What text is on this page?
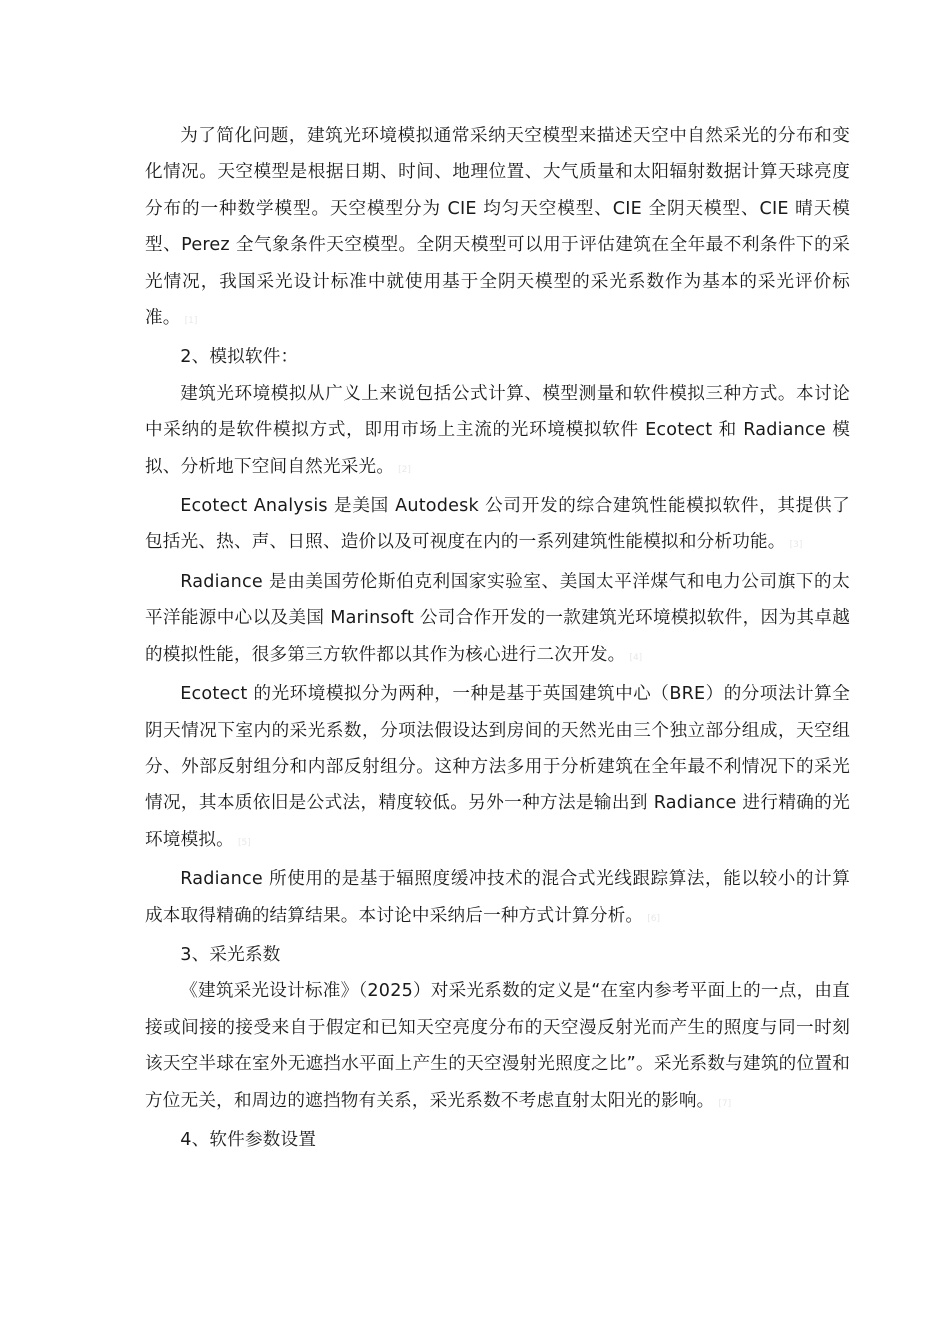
为了简化问题，建筑光环境模拟通常采纳天空模型来描述天空中自然采光的分布和变化情况。天空模型是根据日期、时间、地理位置、大气质量和太阳辐射数据计算天球亮度分布的一种数学模型。天空模型分为 CIE 均匀天空模型、CIE 全阴天模型、CIE 晴天模型、Perez 全气象条件天空模型。全阴天模型可以用于评估建筑在全年最不利条件下的采光情况，我国采光设计标准中就使用基于全阴天模型的采光系数作为基本的采光评价标准。 [1]

2、模拟软件：

建筑光环境模拟从广义上来说包括公式计算、模型测量和软件模拟三种方式。本讨论中采纳的是软件模拟方式，即用市场上主流的光环境模拟软件 Ecotect 和 Radiance 模拟、分析地下空间自然光采光。 [2]

Ecotect Analysis 是美国 Autodesk 公司开发的综合建筑性能模拟软件，其提供了包括光、热、声、日照、造价以及可视度在内的一系列建筑性能模拟和分析功能。 [3]

Radiance 是由美国劳伦斯伯克利国家实验室、美国太平洋煤气和电力公司旗下的太平洋能源中心以及美国 Marinsoft 公司合作开发的一款建筑光环境模拟软件，因为其卓越的模拟性能，很多第三方软件都以其作为核心进行二次开发。 [4]

Ecotect 的光环境模拟分为两种，一种是基于英国建筑中心（BRE）的分项法计算全阴天情况下室内的采光系数，分项法假设达到房间的天然光由三个独立部分组成，天空组分、外部反射组分和内部反射组分。这种方法多用于分析建筑在全年最不利情况下的采光情况，其本质依旧是公式法，精度较低。另外一种方法是输出到 Radiance 进行精确的光环境模拟。 [5]

Radiance 所使用的是基于辐照度缓冲技术的混合式光线跟踪算法，能以较小的计算成本取得精确的结算结果。本讨论中采纳后一种方式计算分析。 [6]

3、采光系数

《建筑采光设计标准》（2025）对采光系数的定义是“在室内参考平面上的一点，由直接或间接的接受来自于假定和已知天空亮度分布的天空漫反射光而产生的照度与同一时刻该天空半球在室外无遮挡水平面上产生的天空漫射光照度之比”。采光系数与建筑的位置和方位无关，和周边的遮挡物有关系，采光系数不考虑直射太阳光的影响。 [7]

4、软件参数设置
